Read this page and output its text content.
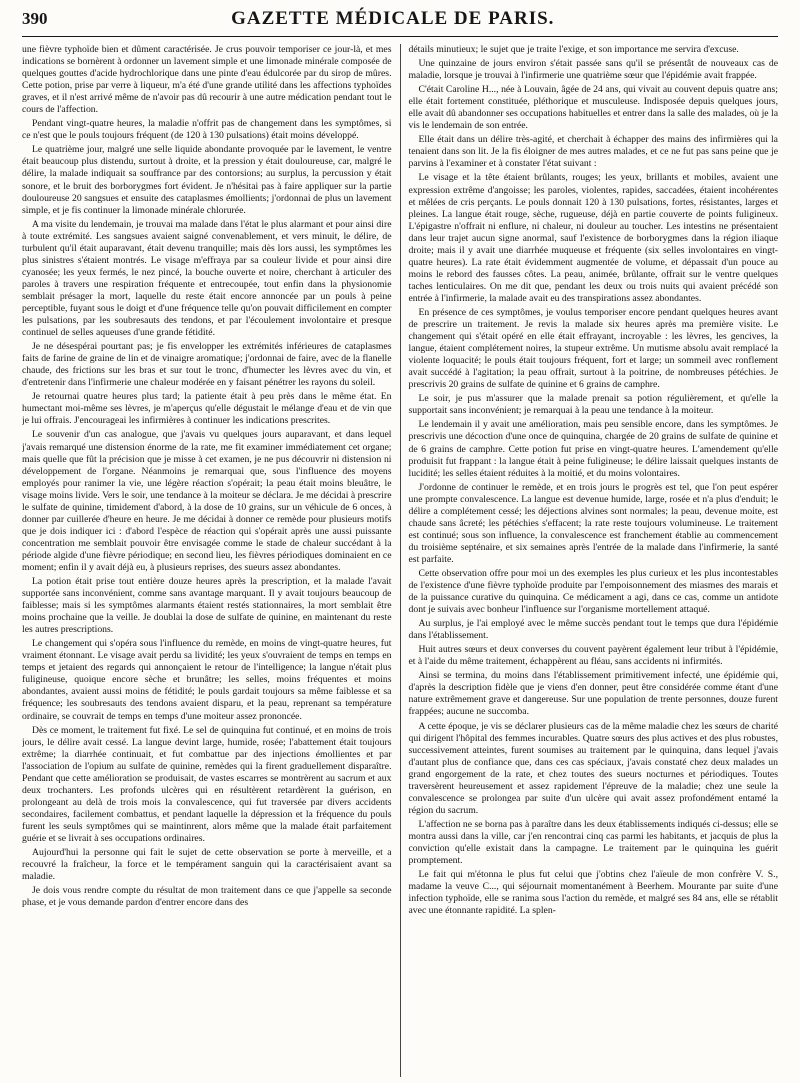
390	GAZETTE MÉDICALE DE PARIS.

une fièvre typhoïde bien et dûment caractérisée. Je crus pouvoir temporiser ce jour-là, et mes indications se bornèrent à ordonner un lavement simple et une limonade minérale composée de quelques gouttes d'acide hydrochlorique dans une pinte d'eau édulcorée par du sirop de mûres. Cette potion, prise par verre à liqueur, m'a été d'une grande utilité dans les affections typhoïdes graves, et il n'est arrivé même de n'avoir pas dû recourir à une autre médication pendant tout le cours de l'affection.

Pendant vingt-quatre heures, la maladie n'offrit pas de changement dans les symptômes, si ce n'est que le pouls toujours fréquent (de 120 à 130 pulsations) était moins développé.

Le quatrième jour, malgré une selle liquide abondante provoquée par le lavement, le ventre était beaucoup plus distendu, surtout à droite, et la pression y était douloureuse, car, malgré le délire, la malade indiquait sa souffrance par des contorsions; au surplus, la percussion y était sonore, et le bruit des borborygmes fort évident. Je n'hésitai pas à faire appliquer sur la partie douloureuse 20 sangsues et ensuite des cataplasmes émollients; j'ordonnai de plus un lavement simple, et je fis continuer la limonade minérale chlorurée.

A ma visite du lendemain, je trouvai ma malade dans l'état le plus alarmant et pour ainsi dire à toute extrémité. Les sangsues avaient saigné convenablement, et vers minuit, le délire, de turbulent qu'il était auparavant, était devenu tranquille; mais dès lors aussi, les symptômes les plus sinistres s'étaient montrés. Le visage m'effraya par sa couleur livide et pour ainsi dire cyanosée; les yeux fermés, le nez pincé, la bouche ouverte et noire, cherchant à articuler des paroles à travers une respiration fréquente et entrecoupée, tout enfin dans la physionomie semblait présager la mort, laquelle du reste était encore annoncée par un pouls à peine perceptible, fuyant sous le doigt et d'une fréquence telle qu'on pouvait difficilement en compter les pulsations, par les soubresauts des tendons, et par l'écoulement involontaire et presque continuel de selles aqueuses d'une grande fétidité.

Je ne désespérai pourtant pas; je fis envelopper les extrémités inférieures de cataplasmes faits de farine de graine de lin et de vinaigre aromatique; j'ordonnai de faire, avec de la flanelle chaude, des frictions sur les bras et sur tout le tronc, d'humecter les lèvres avec du vin, et d'entretenir dans l'infirmerie une chaleur modérée en y faisant pénétrer les rayons du soleil.

Je retournai quatre heures plus tard; la patiente était à peu près dans le même état. En humectant moi-même ses lèvres, je m'aperçus qu'elle dégustait le mélange d'eau et de vin que je lui offrais. J'encourageai les infirmières à continuer les indications prescrites.

Le souvenir d'un cas analogue, que j'avais vu quelques jours auparavant, et dans lequel j'avais remarqué une distension énorme de la rate, me fit examiner immédiatement cet organe; mais quelle que fût la précision que je misse à cet examen, je ne pus découvrir ni distension ni développement de l'organe. Néanmoins je remarquai que, sous l'influence des moyens employés pour ranimer la vie, une légère réaction s'opérait; la peau était moins bleuâtre, le visage moins livide. Vers le soir, une tendance à la moiteur se déclara. Je me décidai à prescrire le sulfate de quinine, timidement d'abord, à la dose de 10 grains, sur un véhicule de 6 onces, à donner par cuillerée d'heure en heure. Je me décidai à donner ce remède pour plusieurs motifs que je dois indiquer ici : d'abord l'espèce de réaction qui s'opérait après une aussi puissante concentration me semblait pouvoir être envisagée comme le stade de chaleur succédant à la période algide d'une fièvre périodique; en second lieu, les fièvres périodiques dominaient en ce moment; enfin il y avait déjà eu, à plusieurs reprises, des sueurs assez abondantes.

La potion était prise tout entière douze heures après la prescription, et la malade l'avait supportée sans inconvénient, comme sans avantage marquant. Il y avait toujours beaucoup de faiblesse; mais si les symptômes alarmants étaient restés stationnaires, la mort semblait être moins prochaine que la veille. Je doublai la dose de sulfate de quinine, en maintenant du reste les autres prescriptions.

Le changement qui s'opéra sous l'influence du remède, en moins de vingt-quatre heures, fut vraiment étonnant. Le visage avait perdu sa lividité; les yeux s'ouvraient de temps en temps en temps et jetaient des regards qui annonçaient le retour de l'intelligence; la langue n'était plus fuligineuse, quoique encore sèche et brunâtre; les selles, moins fréquentes et moins abondantes, avaient aussi moins de fétidité; le pouls gardait toujours sa même faiblesse et sa fréquence; les soubresauts des tendons avaient disparu, et la peau, reprenant sa température ordinaire, se couvrait de temps en temps d'une moiteur assez prononcée.

Dès ce moment, le traitement fut fixé. Le sel de quinquina fut continué, et en moins de trois jours, le délire avait cessé. La langue devint large, humide, rosée; l'abattement était toujours extrême; la diarrhée continuait, et fut combattue par des injections émollientes et par l'association de l'opium au sulfate de quinine, remèdes qui la firent graduellement disparaître. Pendant que cette amélioration se produisait, de vastes escarres se montrèrent au sacrum et aux deux trochanters. Les profonds ulcères qui en résultèrent retardèrent la guérison, en prolongeant au delà de trois mois la convalescence, qui fut traversée par divers accidents secondaires, facilement combattus, et pendant laquelle la dépression et la fréquence du pouls furent les seuls symptômes qui se maintinrent, alors même que la malade était parfaitement guérie et se livrait à ses occupations ordinaires.

Aujourd'hui la personne qui fait le sujet de cette observation se porte à merveille, et a recouvré la fraîcheur, la force et le tempérament sanguin qui la caractérisaient avant sa maladie.

Je dois vous rendre compte du résultat de mon traitement dans ce que j'appelle sa seconde phase, et je vous demande pardon d'entrer encore dans des

détails minutieux; le sujet que je traite l'exige, et son importance me servira d'excuse.

Une quinzaine de jours environ s'était passée sans qu'il se présentât de nouveaux cas de maladie, lorsque je trouvai à l'infirmerie une quatrième sœur que l'épidémie avait frappée.

C'était Caroline H..., née à Louvain, âgée de 24 ans, qui vivait au couvent depuis quatre ans; elle était fortement constituée, pléthorique et musculeuse. Indisposée depuis quelques jours, elle avait dû abandonner ses occupations habituelles et entrer dans la salle des malades, où je la vis le lendemain de son entrée.

Elle était dans un délire très-agité, et cherchait à échapper des mains des infirmières qui la tenaient dans son lit. Je la fis éloigner de mes autres malades, et ce ne fut pas sans peine que je parvins à l'examiner et à constater l'état suivant :

Le visage et la tête étaient brûlants, rouges; les yeux, brillants et mobiles, avaient une expression extrême d'angoisse; les paroles, violentes, rapides, saccadées, étaient incohérentes et mêlées de cris perçants. Le pouls donnait 120 à 130 pulsations, fortes, résistantes, larges et pleines. La langue était rouge, sèche, rugueuse, déjà en partie couverte de points fuligineux. L'épigastre n'offrait ni enflure, ni chaleur, ni douleur au toucher. Les intestins ne présentaient dans leur trajet aucun signe anormal, sauf l'existence de borborygmes dans la région iliaque droite; mais il y avait une diarrhée muqueuse et fréquente (six selles involontaires en vingt-quatre heures). La rate était évidemment augmentée de volume, et dépassait d'un pouce au moins le rebord des fausses côtes. La peau, animée, brûlante, offrait sur le ventre quelques taches lenticulaires. On me dit que, pendant les deux ou trois nuits qui avaient précédé son entrée à l'infirmerie, la malade avait eu des transpirations assez abondantes.

En présence de ces symptômes, je voulus temporiser encore pendant quelques heures avant de prescrire un traitement. Je revis la malade six heures après ma première visite. Le changement qui s'était opéré en elle était effrayant, incroyable : les lèvres, les gencives, la langue, étaient complétement noires, la stupeur extrême. Un mutisme absolu avait remplacé la violente loquacité; le pouls était toujours fréquent, fort et large; un sommeil avec ronflement avait succédé à l'agitation; la peau offrait, surtout à la poitrine, de nombreuses pétéchies. Je prescrivis 20 grains de sulfate de quinine et 6 grains de camphre.

Le soir, je pus m'assurer que la malade prenait sa potion régulièrement, et qu'elle la supportait sans inconvénient; je remarquai à la peau une tendance à la moiteur.

Le lendemain il y avait une amélioration, mais peu sensible encore, dans les symptômes. Je prescrivis une décoction d'une once de quinquina, chargée de 20 grains de sulfate de quinine et de 6 grains de camphre. Cette potion fut prise en vingt-quatre heures. L'amendement qu'elle produisit fut frappant : la langue était à peine fuligineuse; le délire laissait quelques instants de lucidité; les selles étaient réduites à la moitié, et du moins volontaires.

J'ordonne de continuer le remède, et en trois jours le progrès est tel, que l'on peut espérer une prompte convalescence. La langue est devenue humide, large, rosée et n'a plus d'enduit; le délire a complétement cessé; les déjections alvines sont normales; la peau, devenue moite, est chaude sans âcreté; les pétéchies s'effacent; la rate reste toujours volumineuse. Le traitement est continué; sous son influence, la convalescence est franchement établie au commencement du troisième septénaire, et six semaines après l'entrée de la malade dans l'infirmerie, la santé est parfaite.

Cette observation offre pour moi un des exemples les plus curieux et les plus incontestables de l'existence d'une fièvre typhoïde produite par l'empoisonnement des miasmes des marais et de la puissance curative du quinquina. Ce médicament a agi, dans ce cas, comme un antidote dont je suivais avec bonheur l'influence sur l'organisme mortellement attaqué.

Au surplus, je l'ai employé avec le même succès pendant tout le temps que dura l'épidémie dans l'établissement.

Huit autres sœurs et deux converses du couvent payèrent également leur tribut à l'épidémie, et à l'aide du même traitement, échappèrent au fléau, sans accidents ni infirmités.

Ainsi se termina, du moins dans l'établissement primitivement infecté, une épidémie qui, d'après la description fidèle que je viens d'en donner, peut être considérée comme étant d'une nature extrêmement grave et dangereuse. Sur une population de trente personnes, douze furent frappées; aucune ne succomba.

A cette époque, je vis se déclarer plusieurs cas de la même maladie chez les sœurs de charité qui dirigent l'hôpital des femmes incurables. Quatre sœurs des plus actives et des plus robustes, successivement atteintes, furent soumises au traitement par le quinquina, dans lequel j'avais d'autant plus de confiance que, dans ces cas spéciaux, j'avais constaté chez deux malades un grand engorgement de la rate, et chez toutes des sueurs nocturnes et périodiques. Toutes traversèrent heureusement et assez rapidement l'épreuve de la maladie; chez une seule la convalescence se prolongea par suite d'un ulcère qui avait assez profondément entamé la région du sacrum.

L'affection ne se borna pas à paraître dans les deux établissements indiqués ci-dessus; elle se montra aussi dans la ville, car j'en rencontrai cinq cas parmi les habitants, et jacquis de plus la conviction qu'elle existait dans la campagne. Le traitement par le quinquina les guérit promptement.

Le fait qui m'étonna le plus fut celui que j'obtins chez l'aïeule de mon confrère V. S., madame la veuve C..., qui séjournait momentanément à Beerhem. Mourante par suite d'une infection typhoïde, elle se ranima sous l'action du remède, et malgré ses 84 ans, elle se rétablit avec une étonnante rapidité. La splen-
